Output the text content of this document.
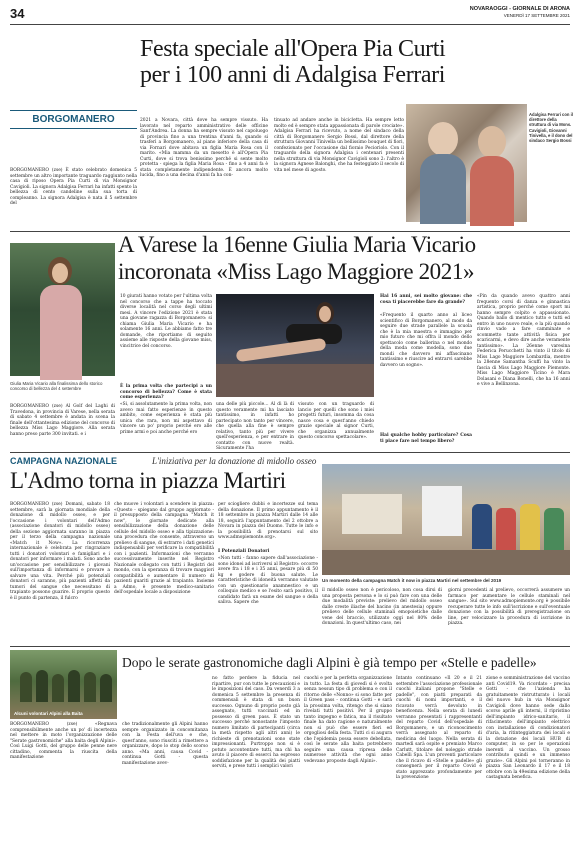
34	NOVARAOGGI - GIORNALE DI ARONA
VENERDÌ 17 SETTEMBRE 2021
BORGOMANERO
Festa speciale all'Opera Pia Curti
per i 100 anni di Adalgisa Ferrari
BORGOMANERO (zse) È stato celebrato domenica 5 settembre un altro importante traguardo raggiunto nella casa di riposo Opera Pia Curti di via Monsignor Cavigioli. La signora Adalgisa Ferrari ha infatti spento la bellezza di cento candeline sulla sua torta di compleanno. La signora Adalgisa è nata il 5 settembre del
2021 a Novara, città dove ha sempre vissuto. Ha lavorato nel reparto amministrativo delle officine Sant'Andrea. La donna ha sempre vissuto nel capoluogo di provincia fino a una trentina d'anni fa, quando si trasferì a Borgomanero, al piano inferiore della casa di via Fornari dove abitava un figlia Maria Rosa con il marito. «Mia mamma da un mesetto è all'Opera Pia Curti, dove si trova benissimo perché si sente molto protetta - spiega la figlia Maria Rosa - fino a 4 anni fa è stata completamente indipendente. È ancora molto lucida, fino a una decina d'anni fa ha con-
tinuato ad andare anche in bicicletta. Ha sempre letto molto ed è sempre stata appassionata di parole crociate». Adalgisa Ferrari ha ricevuto, a nome del sindaco della città di Borgomanero Sergio Bossi, dal direttore della struttura Giovanni Tinivella un bellissimo bouquet di fiori, confezionato per l'occasione dal fioraio Pecioriolo. Con il traguardo della signora Adalgisa i centenari presenti nella struttura di via Monsignor Cavigioli sono 2: l'altro è la signora Agnese Balonghi, che ha festeggiato il secolo di vita nel mese di agosto.
Adalgisa Ferrari con il direttore della struttura di via Mons. Cavigioli, Giovanni Tinivella, e il dono del sindaco Sergio Bossi
A Varese la 16enne Giulia Maria Vicario
incoronata «Miss Lago Maggiore 2021»
Giulia Maria Vicario alla finalissima dello storico concorso di bellezza del 4 settembre
BORGOMANERO (zse) Al Golf del Laghi di Travedona, in provincia di Varese, nella serata di sabato 4 settembre è andata in scena la finale dell'ottantesima edizione del concorso di bellezza Miss Lago Maggiore. Alla serata hanno preso parte 300 invitati. e i
10 giurati hanno votato per l'ultima volta nel concorso che a tappe ha toccato diverse località nel corso degli ultimi mesi. A vincere l'edizione 2021 è stata una giovane ragazza di Borgomanero: si chiama Giulia Maria Vicario e ha solamente 16 anni. Le abbiamo fatto tre domande, che riportiamo di seguito assieme alle risposte della giovane miss, vincitrice del concorso.
È la prima volta che partecipi a un concorso di bellezza? Come è stata come esperienza?
«Si, si assolutamente la prima volta, non avevo mai fatto esperienze in questo ambito, come esperienza è stata più unica che rara, non mi aspettavo di vincere un po' proprio perché ero alle prime armi e poi anche perché ero
una delle più piccole... Al di là di questo veramente mi ha lasciato tantissimo, in infatti ho partecipato non tanto per vincere, che quella alla fine è sempre relativo, tanto più per vivere quell'esperienza, e per entrare in contatto con nuove realtà. Sicuramente l'ha
vissuto con un traguardo di lancio per quelli che sono i miei progetti futuri, insomma da cosa nasce cosa e quest'anno chiedo grazie speciale al signor Curti, che organizza annualmente questo concorso spettacolare».
Hai 16 anni, sei molto giovane: che cosa ti piacerebbe fare da grande?
«Frequento il quarto anno al liceo scientifico di Borgomanero, al modo da seguire due strade parallele la scuola che è la mia maestra e immagino per mio futuro che mi offra il mondo dello spettacolo come ballerina o nel mondo della moda come modella, sono due mondi che davvero mi affascinano tantissimo e riuscire ad entrarvi sarebbe davvero un sogno».
Hai qualche hobby particolare? Cosa ti piace fare nel tempo libero?
«Pin da quando avevo quattro anni frequento corsi di danza e ginnastica artistica, proprio perché come sport mi hanno sempre colpito e appassionato. Quando ballo di mentico tutto e tutti ed entro in uno nuovo reale, e la più quando rinvio vado a fare camminate e scommetto tante attività fisica per scaricarmi, e devo dire anche veramente tantissimo». La 26enne varesina Federica Perucchetti ha vinto il titolo di Miss Lago Maggiore Lombardia, mentre la 28enne Samantha Scuffi ha vinto la fascia di Miss Lago Maggiore Piemonte. Miss Lago Maggiore Ticino è Mara Dolasani e Diana Bonelli, che ha 16 anni e vive a Bellinzona.
CAMPAGNA NAZIONALE	L'iniziativa per la donazione di midollo osseo
L'Admo torna in piazza Martiri
BORGOMANERO (zse) Domani, sabato 18 settembre, sarà la giornata mondiale della donazione di midollo osseo, e per l'occasione i volontari dell'Admo (associazione donatori di midollo osseo) della sezione aggiornata saranno in piazza per il terzo della campagna nazionale «Match it Now». La ricorrenza internazionale è celebrata per ringraziare tutti i donatori volontari e famigliari e i donatori per informare i malati. Sono anche un'occasione per sensibilizzare i giovani sull'importanza di informarsi e provare a salvare una vita. Perché più potenziali donatori ci saranno, più pazienti affetti da tumori del sangue che necessitano di trapianto possono guarire. E proprio questo è il punto di partenza, il fulcro
che muove i volontari a scendere in piazza: «Questo - spiegano dal gruppo aggiornato - il presupposto della campagna "Match it now", le giornate dedicate alla sensibilizzazione della donazione delle cellule del midollo osseo e alla tipizzazione: una procedura che consente, attraverso un prelievo di sangue, di estrarre i dati genetici indispensabili per verificare la compatibilità con i pazienti. Informazioni che verranno successivamente inserite nel Registro Nazionale collegato con tutti i Registri del mondo, con la speranza di trovare maggiori compatibilità e aumentare il numero di pazienti guariti grazie al trapianto. Insieme a Admo, è presente medico-sanitario dell'ospedale locale a disposizione
per sciogliere dubbi e incertezze sul tema della donazione. Il primo appuntamento è il 18 settembre in piazza Martiri dalle 14 alle 18, seguirà l'appuntamento del 2 ottobre a Novara in piazza del Duomo. Tutte le info e la possibilità di prenotarsi sul sito www.admopiemonte.org».
I Potenziali Donatori
«Non tutti - fanno sapere dall'associazione - sono idonei ad iscriversi al Registro: occorre avere fra i 18 e i 35 anni, pesare più di 50 kg e godere di buona salute. Le caratteristiche di idoneità verranno valutate con un questionario anamnestico e un colloquio medico e se l'esito sarà positivo, il candidato farà un esame del sangue o della saliva. Sapere che
Un momento della campagna Match it now in piazza Martiri nel settembre del 2019
il midollo osseo non è pericoloso, non cosa dirsi di una proposta persona e lo si può fare con una delle due modalità previste: prelievo del midollo osseo dalle creste iliache del bacino (in anestesia) oppure prelievo delle cellule staminali emopoietiche dalle vene del braccio, utilizzato oggi nel 80% delle donazioni. In quest'ultimo caso, nei
giorni precedenti al prelievo, occorrerà assumere un farmaco per aumentare le cellule staminali nel sangue». Sul sito www.admopiemonte.org è possibile recuperare tutte le info sull'iscrizione e sull'eventuale donazione con la possibilità di preregistrazione on line, per velocizzare la procedura di iscrizione in piazza.
Alcuni volontari Alpini alla Baita
Dopo le serate gastronomiche dagli Alpini è già tempo per «Stelle e padelle»
BORGOMANERO (zse) «Regnava comprensibilmente anche un po' di incertezza nel mettere in moto l'organizzazione delle "Serate gastronomiche" alla baita degli Alpini». Così Luigi Gotti, del gruppo delle penne nere cittadino, commenta la riuscita della manifestazione
che tradizionalmente gli Alpini hanno sempre organizzato in concomitanza con la Festa dell'uva e che, quest'anno, sono riusciti a rimettere a organizzare, dopo lo stop dello scorso anno. «Ma anni, causa Covid - continua Gotti - questa manifestazione avev-
no fatto perdere la fiducia nel ripartire, pur con tutte le precauzioni e le imposizioni del caso. Da venerdì 3 a domenica 5 settembre la presenza di commensali è stata di un buon successo. Ognuno di proprio posto già assegnato, tutti vaccinati ed in possesso di green pass. È stato un successo perché nonostante l'imposto numero limitato di partecipanti (circa la metà rispetto agli altri anni) le richieste di prenotazioni sono state impressionanti. Purtroppo non si è potuto accontentare tutti, ma chi ha avuto il piacere di esserci ha espresso soddisfazione per la qualità dei piatti serviti, e prese tutti i semplici valori
cuochi e per la perfetta organizzazione in tutto. La festa di giovedì si è svolta senza nessun tipo di problema e con il ritorno delle «Nonno» si sono fatte per il Green pass - continua Gotti - e sarà la prossima volta, ritengo che si siano rivelati tutti positivi. Per il gruppo tanto impegno e fatica, ma il risultato finale ha dato ragione e naturalmente non si può che essere fieri ed orgogliosi della festa. Tutti ci si augura che l'epidemia possa essere debellata, così le serate alla baita potrebbero seguire una causa ripresa delle numerose attività che ogni anno vedevano proposte dagli Alpini».
Intanto continuano «Il 20 e il 21 settembre l'associazione professionale cuochi italiani propone "Stelle e padelle", con piatti preparati da cuochi di nomi importanti, e il ricavato verrà devoluto in beneficenza. Nella serata di lunedì verranno presentati i rappresentanti del reparto Covid dell'ospedale di Borgomanero, e un riconoscimento verrà assegnato al reparto di medicina del luogo. Nella serata di martedì sarà ospite e premiato Marco Carlutt, titolare del noleggio strade Cabelli Spa. L'un proventi particolare che il ricavo di «Stelle e padelle» gli consegnerà per il reparto Covid è stato apprezzato profondamente per la prevenzione
zione e somministrazione del vaccino anti Covid19. Va ricordato - precisa Gotti - che l'azienda ha gratuitamente ristrutturato i locali del nuovo hub in via Monsignor Cavigioli dove hanno sede dallo scorso aprile gli interni, il ripristino dell'impianto idrico-sanitario, il rifacimento dell'impianto elettrico con installazione di condizionatori d'aria, la ritinteggiatura dei locali e la dotazione dei locali HUB di computer, in so per le operazioni inerenti al vaccino. Un grosso contributo quindi e un immenso grazie». Gli Alpini poi torneranno in piazza San Leonardo il 17 e il 18 ottobre con la 49esima edizione della castagnata benefica.
